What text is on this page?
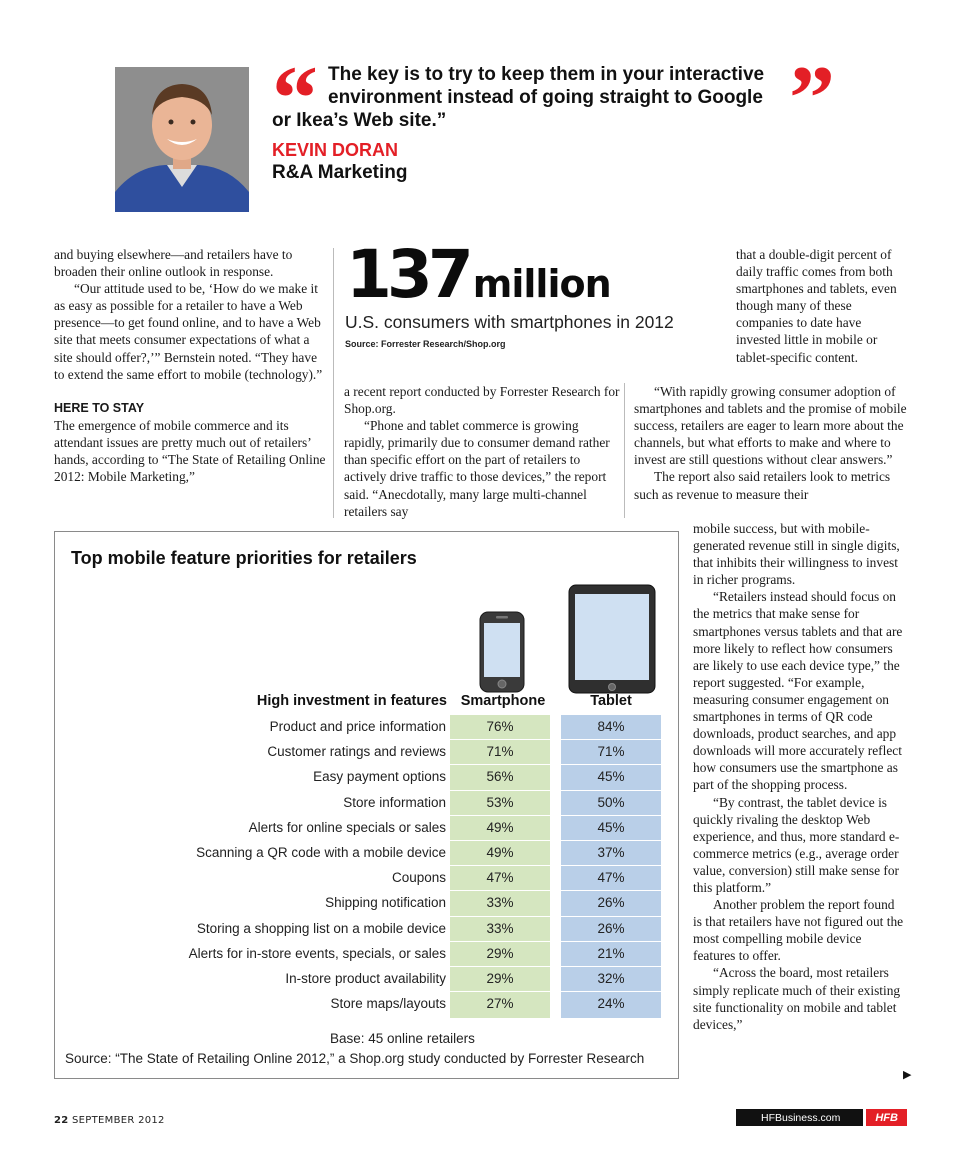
“	”
The key is to try to keep them in your interactive
environment instead of going straight to Google
or Ikea’s Web site.”
KEVIN DORAN
R&A Marketing

and buying elsewhere—and retailers have to broaden their online outlook in response.

“Our attitude used to be, ‘How do we make it as easy as possible for a retailer to have a Web presence—to get found online, and to have a Web site that meets consumer expectations of what a site should offer?,’” Bernstein noted. “They have to extend the same effort to mobile (technology).”

HERE TO STAY

The emergence of mobile commerce and its attendant issues are pretty much out of retailers’ hands, according to “The State of Retailing Online 2012: Mobile Marketing,”

137 million
U.S. consumers with smartphones in 2012
Source: Forrester Research/Shop.org

a recent report conducted by Forrester Research for Shop.org.

“Phone and tablet commerce is growing rapidly, primarily due to consumer demand rather than specific effort on the part of retailers to actively drive traffic to those devices,” the report said. “Anecdotally, many large multi-channel retailers say

that a double-digit percent of daily traffic comes from both smartphones and tablets, even though many of these companies to date have invested little in mobile or tablet-specific content.

“With rapidly growing consumer adoption of smartphones and tablets and the promise of mobile success, retailers are eager to learn more about the channels, but what efforts to make and where to invest are still questions without clear answers.”

The report also said retailers look to metrics such as revenue to measure their

mobile success, but with mobile-generated revenue still in single digits, that inhibits their willingness to invest in richer programs.

“Retailers instead should focus on the metrics that make sense for smartphones versus tablets and that are more likely to reflect how consumers are likely to use each device type,” the report suggested. “For example, measuring consumer engagement on smartphones in terms of QR code downloads, product searches, and app downloads will more accurately reflect how consumers use the smartphone as part of the shopping process.

“By contrast, the tablet device is quickly rivaling the desktop Web experience, and thus, more standard e-commerce metrics (e.g., average order value, conversion) still make sense for this platform.”

Another problem the report found is that retailers have not figured out the most compelling mobile device features to offer.

“Across the board, most retailers simply replicate much of their existing site functionality on mobile and tablet devices,”

▶
Top mobile feature priorities for retailers
High investment in features Smartphone	Tablet
Product and price information	76%	84%
Customer ratings and reviews	71%	71%
Easy payment options	56%	45%
Store information	53%	50%
Alerts for online specials or sales	49%	45%
Scanning a QR code with a mobile device	49%	37%
Coupons	47%	47%
Shipping notification	33%	26%
Storing a shopping list on a mobile device	33%	26%
Alerts for in-store events, specials, or sales	29%	21%
In-store product availability	29%	32%
Store maps/layouts	27%	24%
Base: 45 online retailers
Source: “The State of Retailing Online 2012,” a Shop.org study conducted by Forrester Research
22 SEPTEMBER 2012	HFBusiness.com	HFB
